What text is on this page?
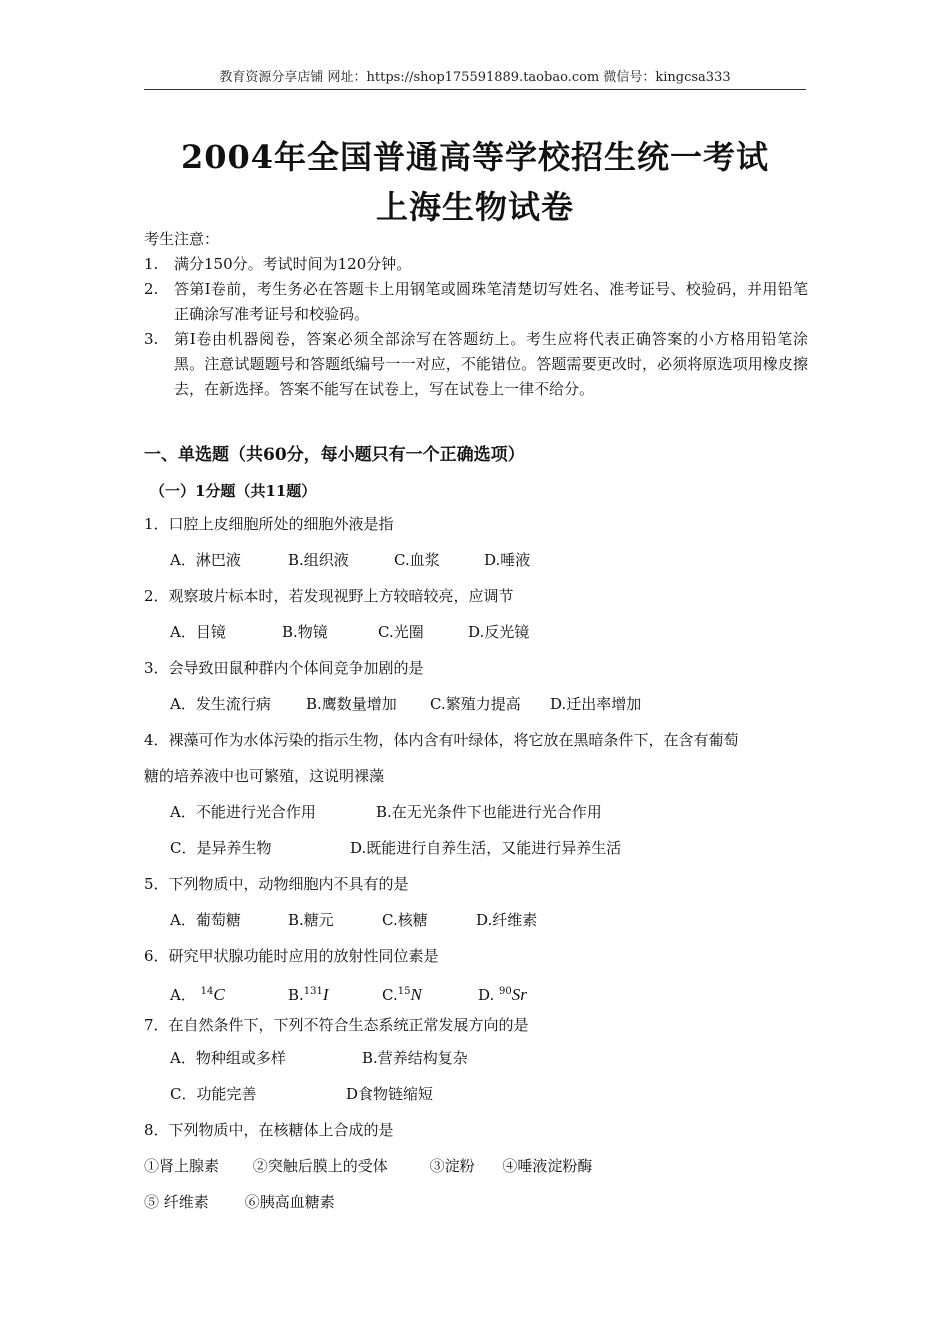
教育资源分享店铺 网址：https://shop175591889.taobao.com 微信号：kingcsa333
2004年全国普通高等学校招生统一考试
上海生物试卷
考生注意：
1.	满分150分。考试时间为120分钟。
2.	答第Ⅰ卷前，考生务必在答题卡上用钢笔或圆珠笔清楚切写姓名、准考证号、校验码，并用铅笔正确涂写准考证号和校验码。
3.	第Ⅰ卷由机器阅卷，答案必须全部涂写在答题纺上。考生应将代表正确答案的小方格用铅笔涂黑。注意试题题号和答题纸编号一一对应，不能错位。答题需要更改时，必须将原选项用橡皮擦去，在新选择。答案不能写在试卷上，写在试卷上一律不给分。
一、单选题（共60分，每小题只有一个正确选项）
（一）1分题（共11题）
1．口腔上皮细胞所处的细胞外液是指
A．淋巴液	B.组织液	C.血浆	D.唾液
2．观察玻片标本时，若发现视野上方较暗较亮，应调节
A．目镜	B.物镜	C.光圈	D.反光镜
3．会导致田鼠种群内个体间竞争加剧的是
A．发生流行病	B.鹰数量增加	C.繁殖力提高	D.迁出率增加
4．裸藻可作为水体污染的指示生物，体内含有叶绿体，将它放在黑暗条件下，在含有葡萄
糖的培养液中也可繁殖，这说明裸藻
A．不能进行光合作用	B.在无光条件下也能进行光合作用
C．是异养生物	D.既能进行自养生活，又能进行异养生活
5．下列物质中，动物细胞内不具有的是
A．葡萄糖	B.糖元	C.核糖	D.纤维素
6．研究甲状腺功能时应用的放射性同位素是
A． $^{14}$C	B.$^{131}$I	C.$^{15}$N	D. $^{90}$Sr
7．在自然条件下，下列不符合生态系统正常发展方向的是
A．物种组或多样	B.营养结构复杂
C．功能完善	D食物链缩短
8．下列物质中，在核糖体上合成的是
①肾上腺素 ②突触后膜上的受体	③淀粉 ④唾液淀粉酶
⑤ 纤维素 ⑥胰高血糖素
